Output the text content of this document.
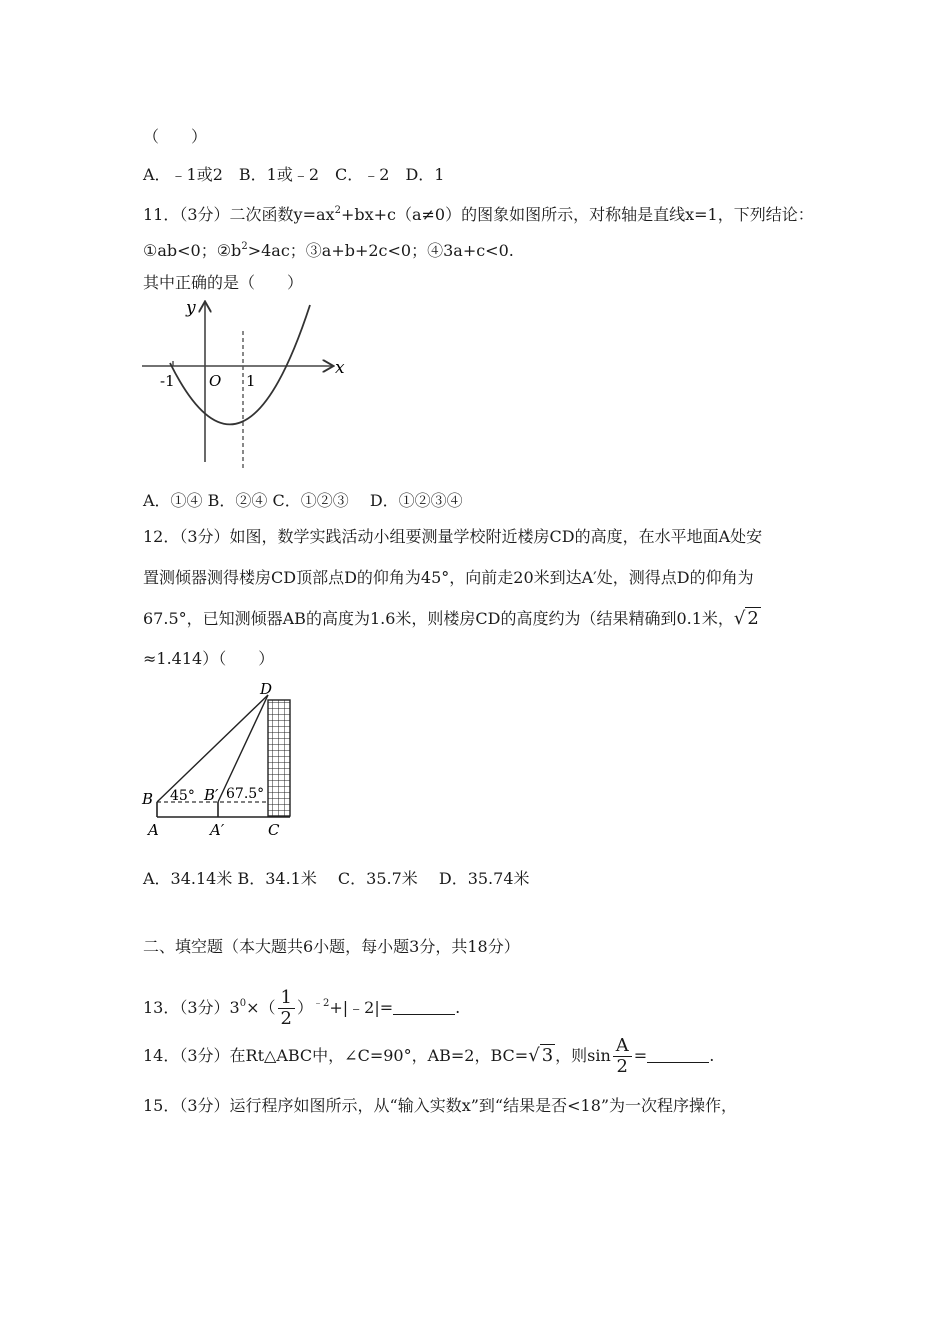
（　　）
A．﹣1或2　B．1或﹣2　C．﹣2　D．1
11．（3分）二次函数$y=ax^2+bx+c(a\ne 0)$的图象如图所示，对称轴是直线x=1，下列结论：
①ab<0；$②b^2>4ac$；③a+b+2c<0；④3a+c<0.
其中正确的是（　　）
y
x
-1 O 1
A．①④ B．②④ C．①②③　 D．①②③④
12．（3分）如图，数学实践活动小组要测量学校附近楼房CD的高度，在水平地面A处安
置测倾器测得楼房CD顶部点D的仰角为45°，向前走20米到达A′处，测得点D的仰角为
67.5°，已知测倾器AB的高度为1.6米，则楼房CD的高度约为（结果精确到0.1米，√ 2
≈1.414）（　　）
D
B 45° B′ 67.5°
A	A′	C
A．34.14米 B．34.1米　 C．35.7米　 D．35.74米
二、填空题（本大题共6小题，每小题3分，共18分）
13．（3分）$3^0\times( \frac{1}{2}$ ）$^{﹣2}+|﹣2|=$	.
14．（3分）在Rt△ABC中，∠C=90°，AB=2，BC=√ 3 ，则$\sin \frac{A}{2}$ =	.
15．（3分）运行程序如图所示，从“输入实数x”到“结果是否<18”为一次程序操作，
